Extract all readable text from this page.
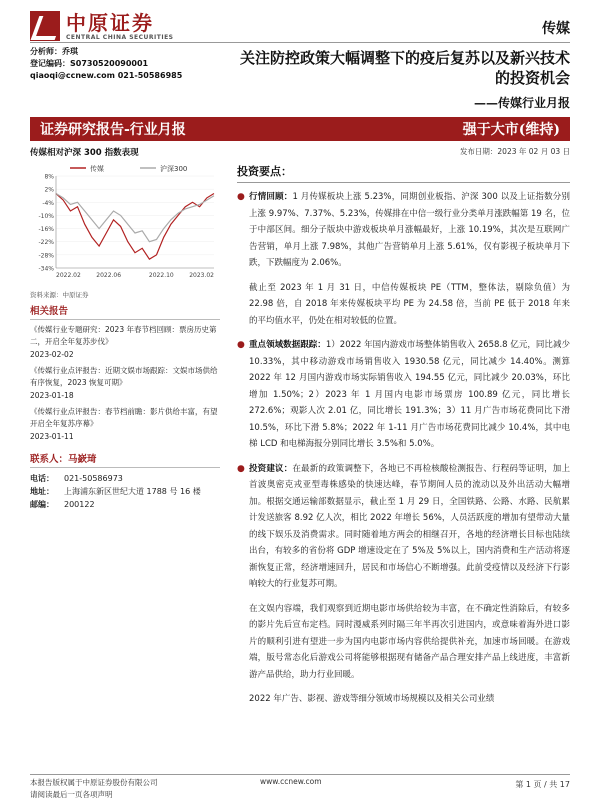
中原证券
CENTRAL CHINA SECURITIES	传媒
分析师：乔琪
登记编码：S0730520090001
qiaoqi@ccnew.com 021-50586985
关注防控政策大幅调整下的疫后复苏以及新兴技术的投资机会
——传媒行业月报
证券研究报告-行业月报	强于大市(维持)
传媒相对沪深 300 指数表现
传媒	沪深300
8%
2%
-4%
-10%
-16%
-22%
-28%
-34%
2022.02	2022.06	2022.10	2023.02
资料来源：中原证券
相关报告
《传媒行业专题研究：2023 年春节档回顾：票房历史第二，开启全年复苏步伐》
2023-02-02
《传媒行业点评报告：近期文娱市场跟踪：文娱市场供给有序恢复，2023 恢复可期》
2023-01-18
《传媒行业点评报告：春节档前瞻：影片供给丰富，有望开启全年复苏序幕》
2023-01-11
联系人：马嶔琦
电话： 021-50586973
地址：	上海浦东新区世纪大道 1788 号 16 楼
邮编： 200122
发布日期：2023 年 02 月 03 日
投资要点：
● 行情回顾：1 月传媒板块上涨 5.23%，同期创业板指、沪深 300 以及上证指数分别上涨 9.97%、7.37%、5.23%，传媒排在中信一级行业分类单月涨跌幅第 19 名，位于中部区间。细分子版块中游戏板块单月涨幅最好，上涨 10.19%，其次是互联网广告营销，单月上涨 7.98%，其他广告营销单月上涨 5.61%，仅有影视子板块单月下跌，下跌幅度为 2.06%。
截止至 2023 年 1 月 31 日，中信传媒板块 PE（TTM，整体法，剔除负值）为 22.98 倍，自 2018 年来传媒板块平均 PE 为 24.58 倍，当前 PE 低于 2018 年来的平均值水平，仍处在相对较低的位置。
● 重点领域数据跟踪：1）2022 年国内游戏市场整体销售收入 2658.8 亿元，同比减少 10.33%，其中移动游戏市场销售收入 1930.58 亿元，同比减少 14.40%。测算 2022 年 12 月国内游戏市场实际销售收入 194.55 亿元，同比减少 20.03%，环比增加 1.50%；2）2023 年 1 月国内电影市场票房 100.89 亿元，同比增长 272.6%；观影人次 2.01 亿，同比增长 191.3%；3）11 月广告市场花费同比下滑 10.5%，环比下滑 5.8%；2022 年 1-11 月广告市场花费同比减少 10.4%，其中电梯 LCD 和电梯海报分别同比增长 3.5%和 5.0%。
● 投资建议：在最新的政策调整下，各地已不再检核酸检测报告、行程码等证明，加上首波奥密克戎亚型毒株感染的快速达峰，春节期间人员的流动以及外出活动大幅增加。根据交通运输部数据显示，截止至 1 月 29 日，全国铁路、公路、水路、民航累计发送旅客 8.92 亿人次，相比 2022 年增长 56%，人员活跃度的增加有望带动大量的线下娱乐及消费需求。同时随着地方两会的相继召开，各地的经济增长目标也陆续出台，有较多的省份将 GDP 增速设定在了 5%及 5%以上，国内消费和生产活动将逐渐恢复正常，经济增速回升，居民和市场信心不断增强。此前受疫情以及经济下行影响较大的行业复苏可期。
在文娱内容端，我们观察到近期电影市场供给较为丰富，在不确定性消除后，有较多的影片先后宣布定档。同时漫威系列时隔三年半再次引进国内，或意味着海外进口影片的顺利引进有望进一步为国内电影市场内容供给提供补充，加速市场回暖。在游戏端，版号常态化后游戏公司将能够根据现有储备产品合理安排产品上线进度，丰富新游产品供给，助力行业回暖。
2022 年广告、影视、游戏等细分领域市场规模以及相关公司业绩
本报告版权属于中原证券股份有限公司
请阅读最后一页各项声明
www.ccnew.com	第 1 页 / 共 17
